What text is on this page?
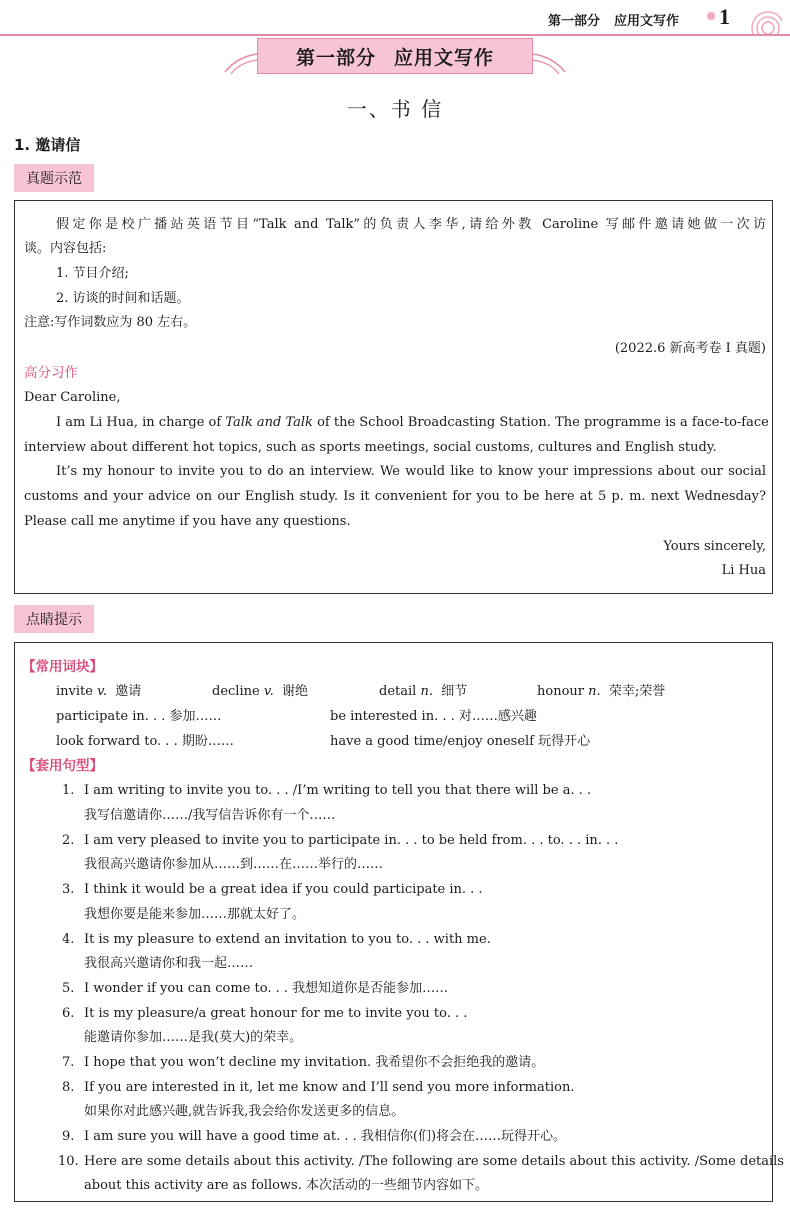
第一部分 应用文写作 1
第一部分 应用文写作
一、书 信
1. 邀请信
真题示范
假定你是校广播站英语节目“Talk and Talk”的负责人李华,请给外教 Caroline 写邮件邀请她做一次访
谈。内容包括:
1. 节目介绍;
2. 访谈的时间和话题。
注意:写作词数应为 80 左右。
(2022.6 新高考卷 Ⅰ 真题)
高分习作
Dear Caroline,
I am Li Hua, in charge of Talk and Talk of the School Broadcasting Station. The programme is a face-to-face
interview about different hot topics, such as sports meetings, social customs, cultures and English study.
It’s my honour to invite you to do an interview. We would like to know your impressions about our social
customs and your advice on our English study. Is it convenient for you to be here at 5 p. m. next Wednesday?
Please call me anytime if you have any questions.
Yours sincerely,
Li Hua
点睛提示
【常用词块】
invite v. 邀请	decline v. 谢绝	detail n. 细节	honour n. 荣幸;荣誉
participate in. . . 参加……	be interested in. . . 对……感兴趣
look forward to. . . 期盼……	have a good time/enjoy oneself 玩得开心
【套用句型】
1. I am writing to invite you to. . . /I’m writing to tell you that there will be a. . .
我写信邀请你……/我写信告诉你有一个……
2. I am very pleased to invite you to participate in. . . to be held from. . . to. . . in. . .
我很高兴邀请你参加从……到……在……举行的……
3. I think it would be a great idea if you could participate in. . .
我想你要是能来参加……那就太好了。
4. It is my pleasure to extend an invitation to you to. . . with me.
我很高兴邀请你和我一起……
5. I wonder if you can come to. . . 我想知道你是否能参加……
6. It is my pleasure/a great honour for me to invite you to. . .
能邀请你参加……是我(莫大)的荣幸。
7. I hope that you won’t decline my invitation. 我希望你不会拒绝我的邀请。
8. If you are interested in it, let me know and I’ll send you more information.
如果你对此感兴趣,就告诉我,我会给你发送更多的信息。
9. I am sure you will have a good time at. . . 我相信你(们)将会在……玩得开心。
10. Here are some details about this activity. /The following are some details about this activity. /Some details
about this activity are as follows. 本次活动的一些细节内容如下。
